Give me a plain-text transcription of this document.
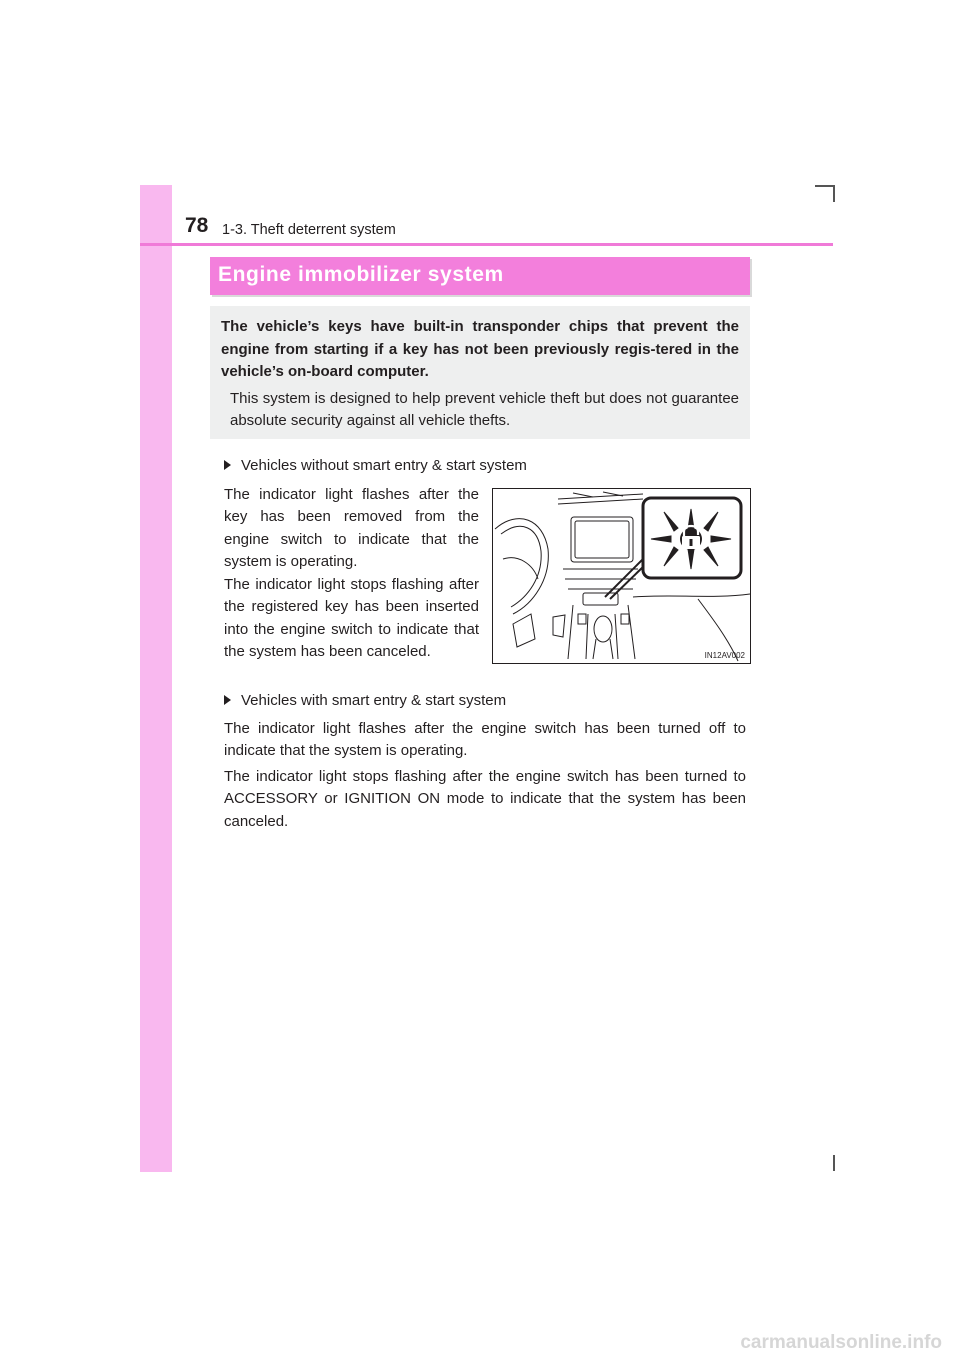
78 1-3. Theft deterrent system
Engine immobilizer system
The vehicle’s keys have built-in transponder chips that prevent the engine from starting if a key has not been previously regis-tered in the vehicle’s on-board computer.
This system is designed to help prevent vehicle theft but does not guarantee absolute security against all vehicle thefts.
Vehicles without smart entry & start system
The indicator light flashes after the key has been removed from the engine switch to indicate that the system is operating.
The indicator light stops flashing after the registered key has been inserted into the engine switch to indicate that the system has been canceled.	IN12AV002
Vehicles with smart entry & start system
The indicator light flashes after the engine switch has been turned off to indicate that the system is operating.
The indicator light stops flashing after the engine switch has been turned to ACCESSORY or IGNITION ON mode to indicate that the system has been canceled.
carmanualsonline.info
